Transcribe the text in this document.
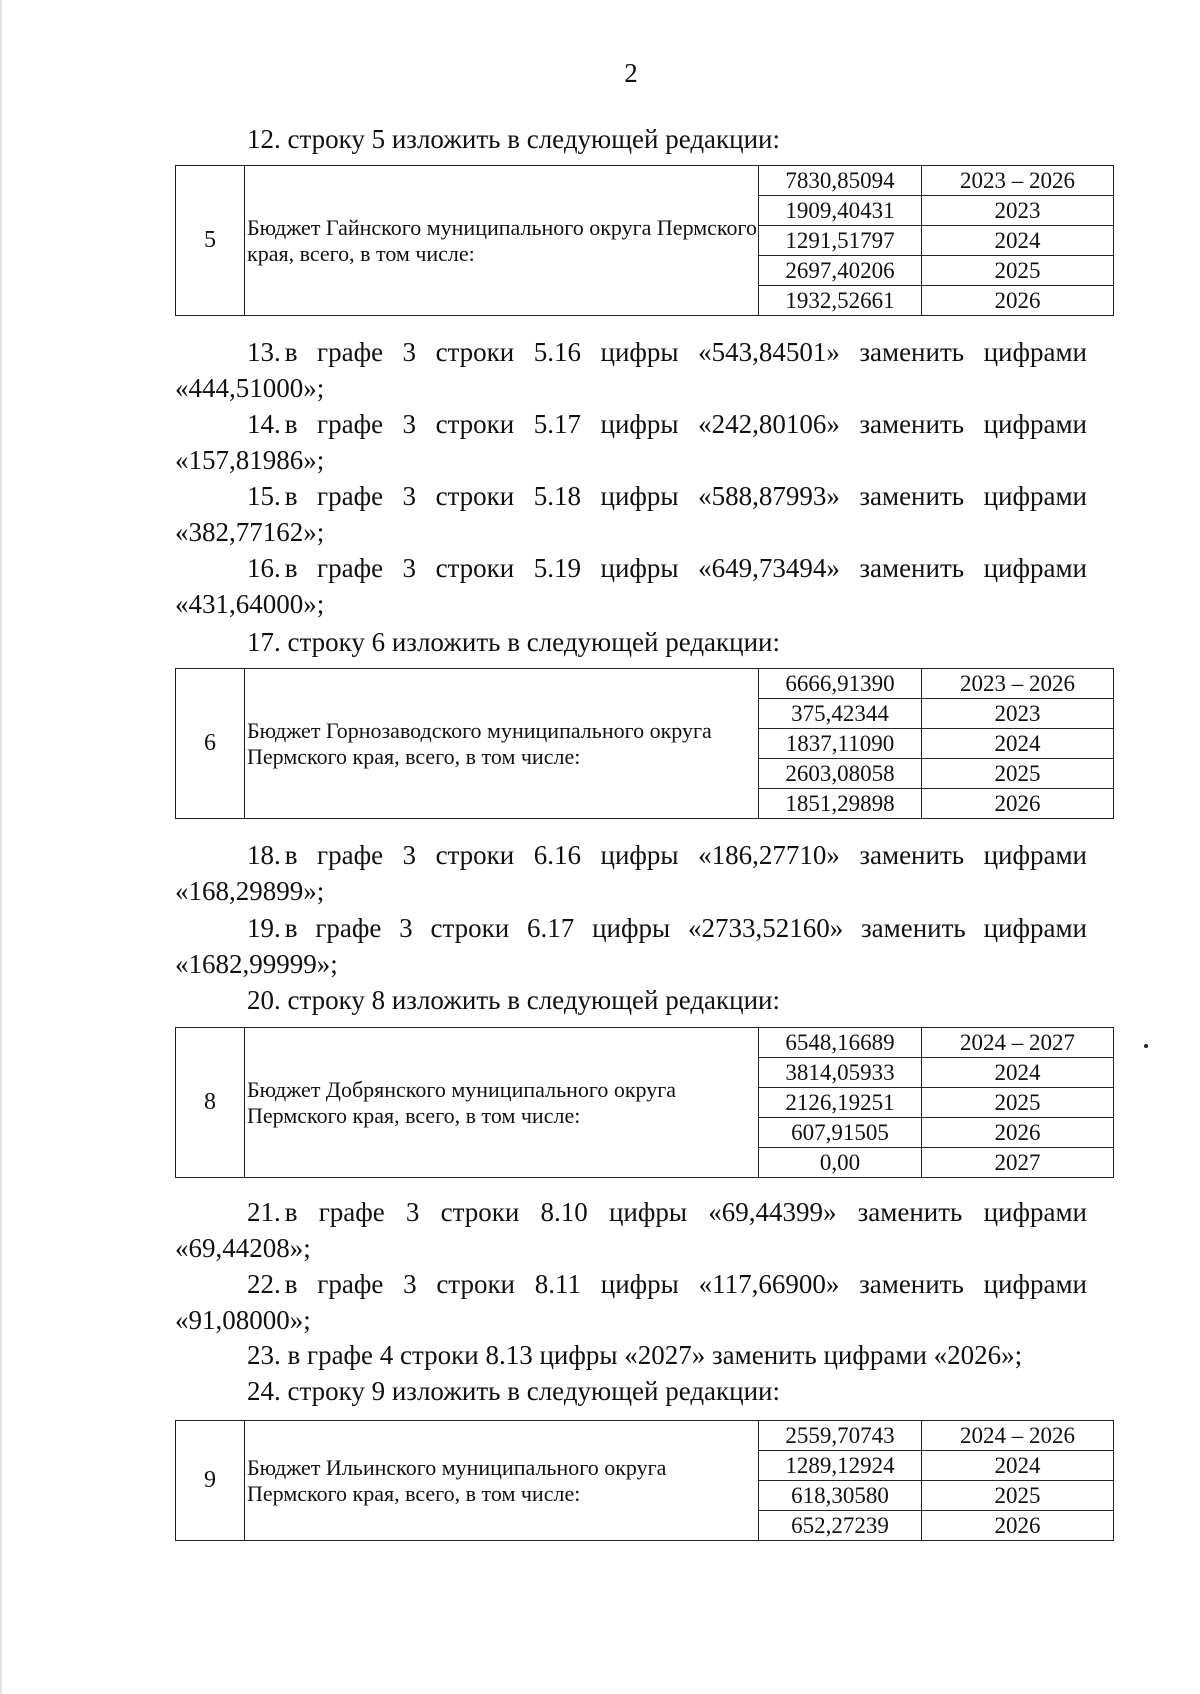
2
12. строку 5 изложить в следующей редакции:
5	Бюджет Гайнского муниципального округа Пермского края, всего, в том числе:	7830,85094	2023 – 2026
		1909,40431	2023
		1291,51797	2024
		2697,40206	2025
		1932,52661	2026
13. в графе 3 строки 5.16 цифры «543,84501» заменить цифрами «444,51000»;
14. в графе 3 строки 5.17 цифры «242,80106» заменить цифрами «157,81986»;
15. в графе 3 строки 5.18 цифры «588,87993» заменить цифрами «382,77162»;
16. в графе 3 строки 5.19 цифры «649,73494» заменить цифрами «431,64000»;
17. строку 6 изложить в следующей редакции:
6	Бюджет Горнозаводского муниципального округа Пермского края, всего, в том числе:	6666,91390	2023 – 2026
		375,42344	2023
		1837,11090	2024
		2603,08058	2025
		1851,29898	2026
18. в графе 3 строки 6.16 цифры «186,27710» заменить цифрами «168,29899»;
19. в графе 3 строки 6.17 цифры «2733,52160» заменить цифрами «1682,99999»;
20. строку 8 изложить в следующей редакции:
8	Бюджет Добрянского муниципального округа Пермского края, всего, в том числе:	6548,16689	2024 – 2027
		3814,05933	2024
		2126,19251	2025
		607,91505	2026
		0,00	2027
21. в графе 3 строки 8.10 цифры «69,44399» заменить цифрами «69,44208»;
22. в графе 3 строки 8.11 цифры «117,66900» заменить цифрами «91,08000»;
23. в графе 4 строки 8.13 цифры «2027» заменить цифрами «2026»;
24. строку 9 изложить в следующей редакции:
9	Бюджет Ильинского муниципального округа Пермского края, всего, в том числе:	2559,70743	2024 – 2026
		1289,12924	2024
		618,30580	2025
		652,27239	2026
